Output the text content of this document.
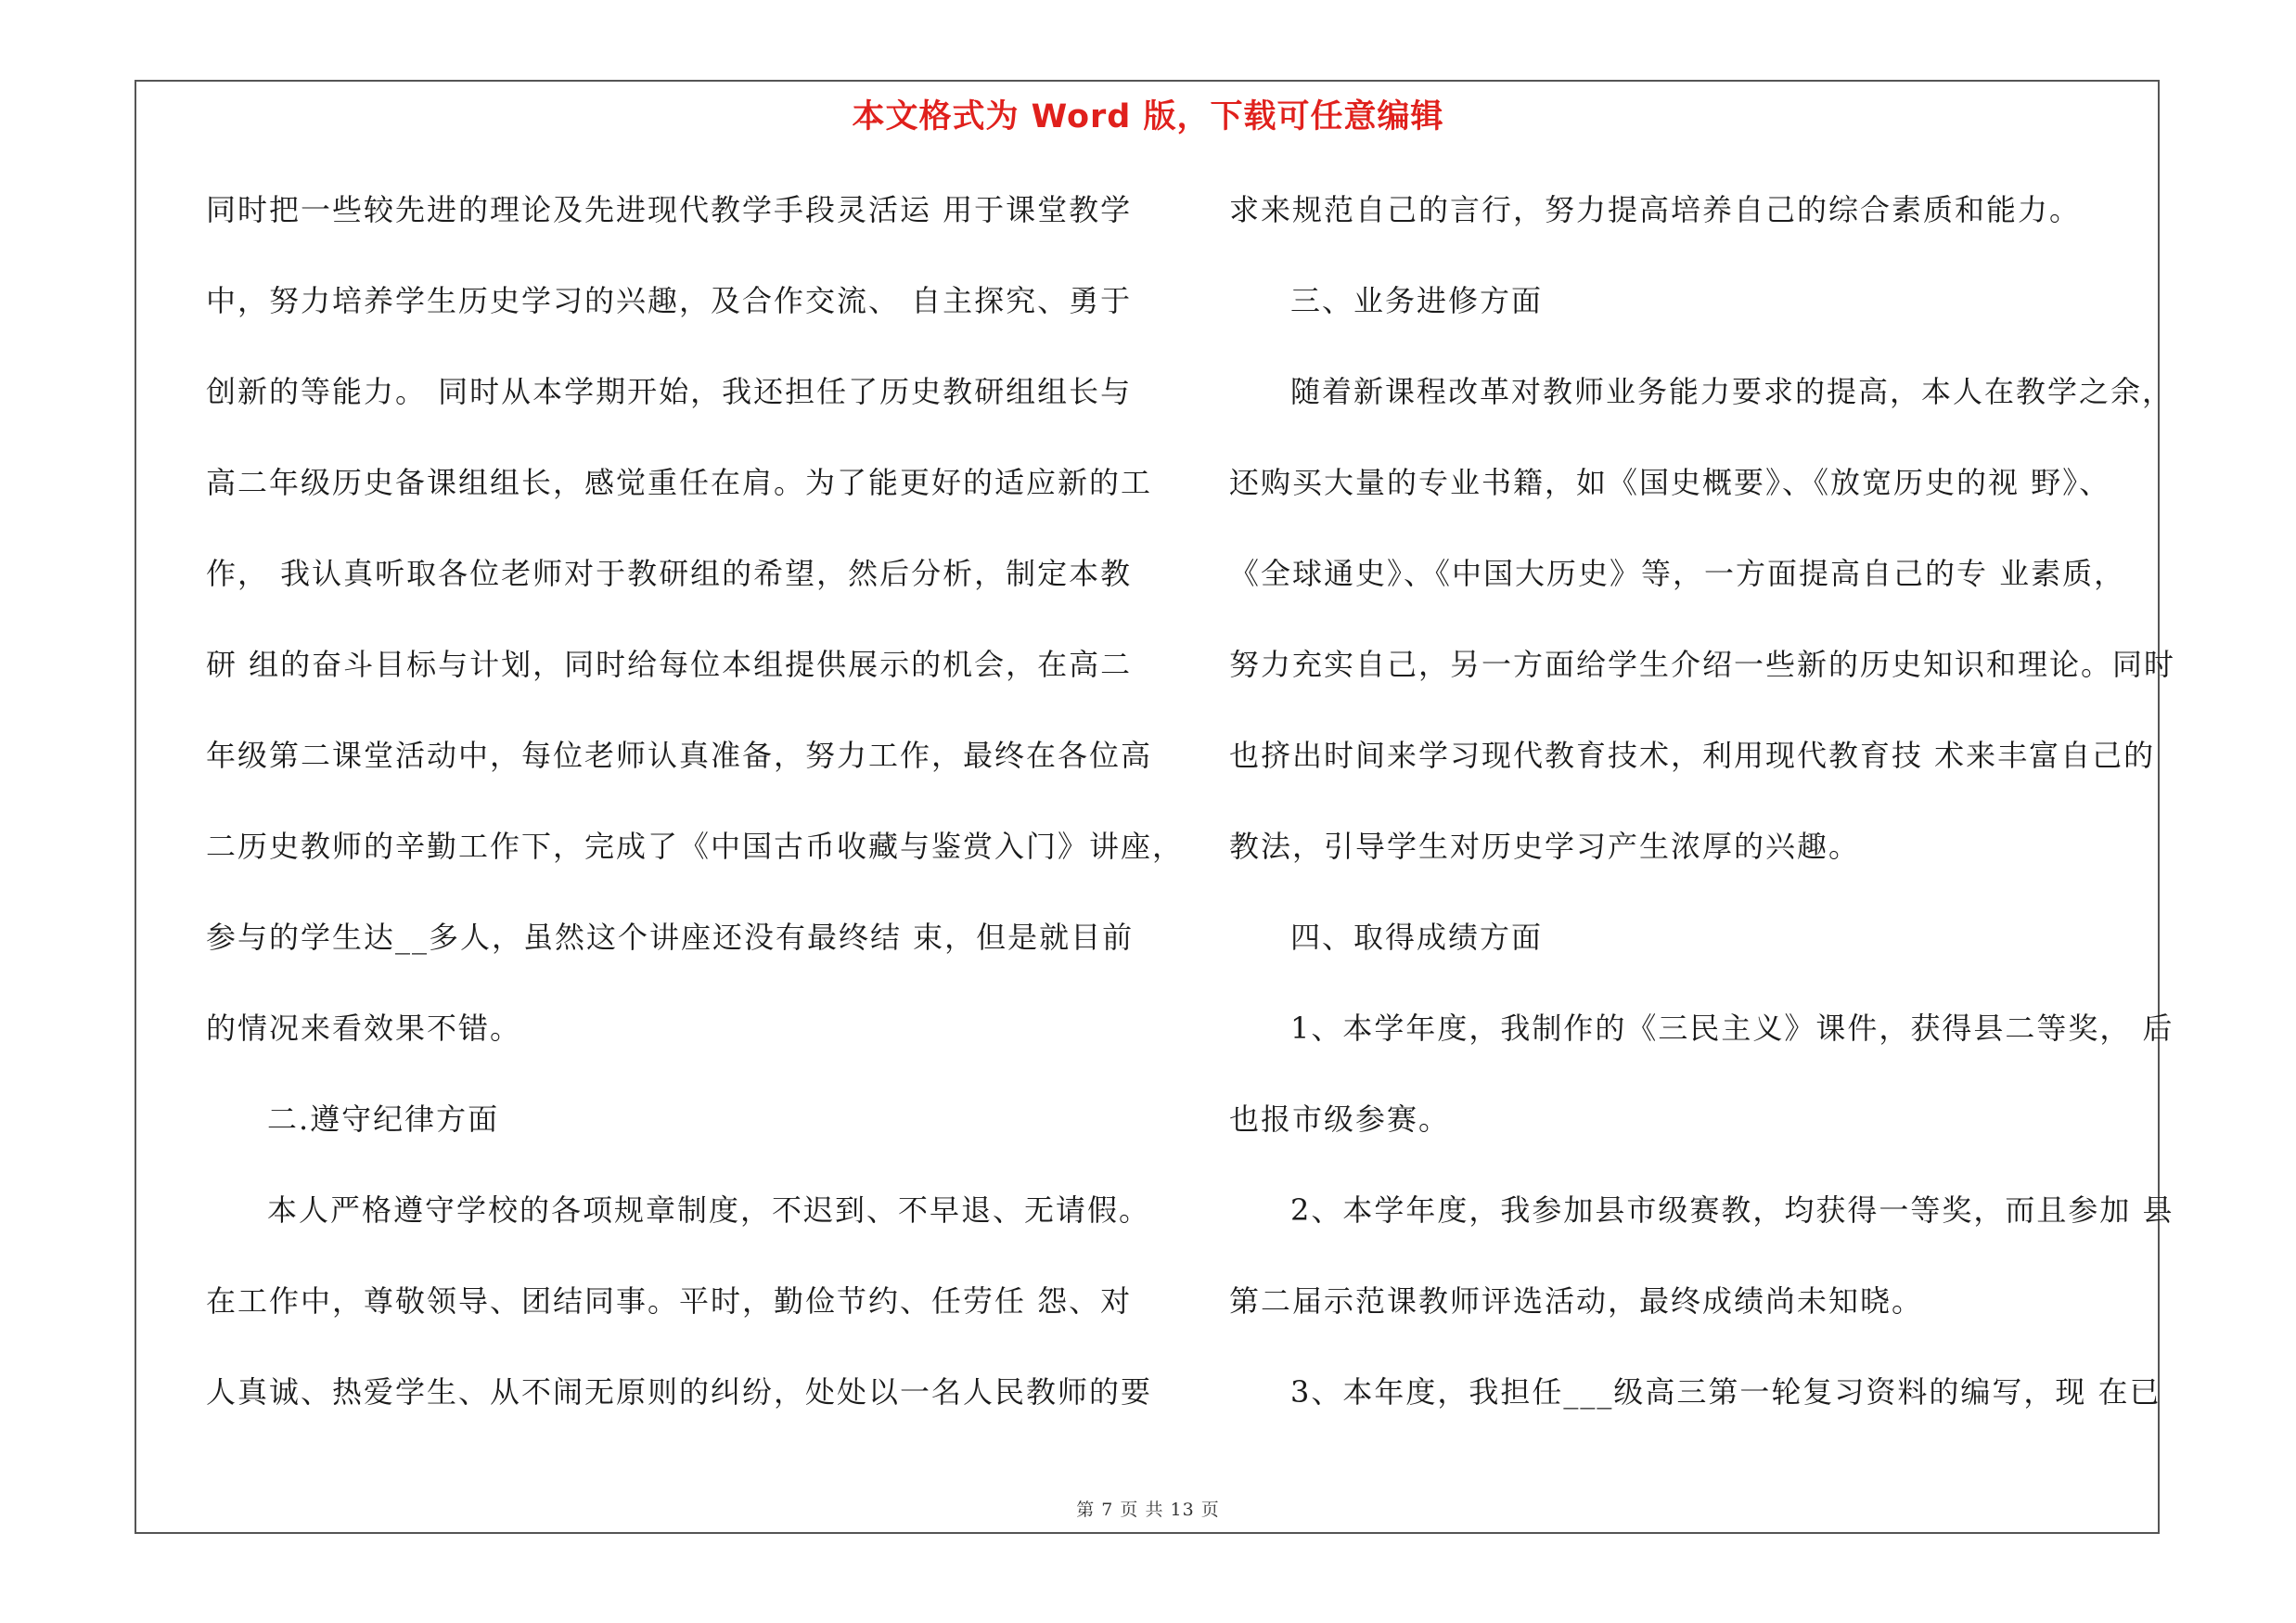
本文格式为 Word 版，下载可任意编辑
同时把一些较先进的理论及先进现代教学手段灵活运 用于课堂教学
中，努力培养学生历史学习的兴趣，及合作交流、 自主探究、勇于
创新的等能力。 同时从本学期开始，我还担任了历史教研组组长与
高二年级历史备课组组长，感觉重任在肩。为了能更好的适应新的工
作， 我认真听取各位老师对于教研组的希望，然后分析，制定本教
研 组的奋斗目标与计划，同时给每位本组提供展示的机会，在高二
年级第二课堂活动中，每位老师认真准备，努力工作，最终在各位高
二历史教师的辛勤工作下，完成了《中国古币收藏与鉴赏入门》讲座，
参与的学生达__多人，虽然这个讲座还没有最终结 束，但是就目前
的情况来看效果不错。
二.遵守纪律方面
本人严格遵守学校的各项规章制度，不迟到、不早退、无请假。
在工作中，尊敬领导、团结同事。平时，勤俭节约、任劳任 怨、对
人真诚、热爱学生、从不闹无原则的纠纷，处处以一名人民教师的要
求来规范自己的言行，努力提高培养自己的综合素质和能力。
三、业务进修方面
随着新课程改革对教师业务能力要求的提高，本人在教学之余，
还购买大量的专业书籍，如《国史概要》、《放宽历史的视 野》、
《全球通史》、《中国大历史》等，一方面提高自己的专 业素质，
努力充实自己，另一方面给学生介绍一些新的历史知识和理论。同时
也挤出时间来学习现代教育技术，利用现代教育技 术来丰富自己的
教法，引导学生对历史学习产生浓厚的兴趣。
四、取得成绩方面
1、本学年度，我制作的《三民主义》课件，获得县二等奖， 后
也报市级参赛。
2、本学年度，我参加县市级赛教，均获得一等奖，而且参加 县
第二届示范课教师评选活动，最终成绩尚未知晓。
3、本年度，我担任___级高三第一轮复习资料的编写，现 在已
第 7 页 共 13 页
